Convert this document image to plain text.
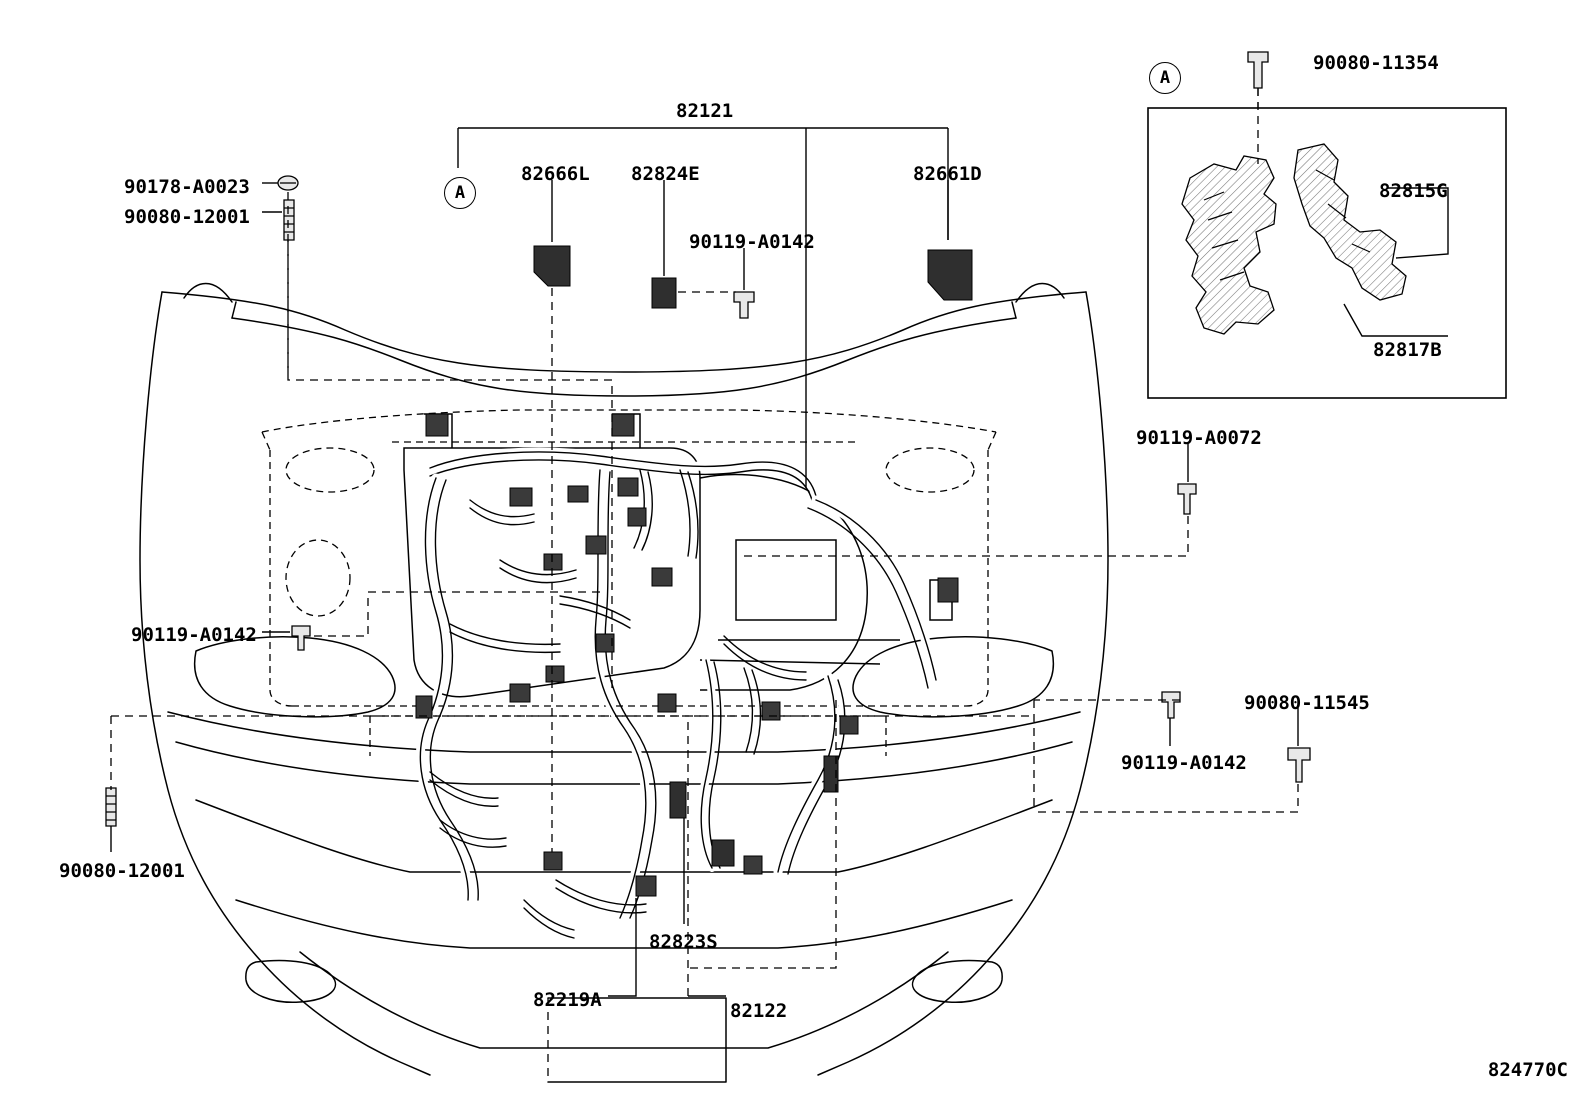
90080-11354
82121
82666L 82824E	82661D
90178-A0023	82815G
90080-12001
90119-A0142
82817B
90119-A0072
90119-A0142
90080-11545
90119-A0142
90080-12001
82823S
82219A	82122
A
A
824770C
